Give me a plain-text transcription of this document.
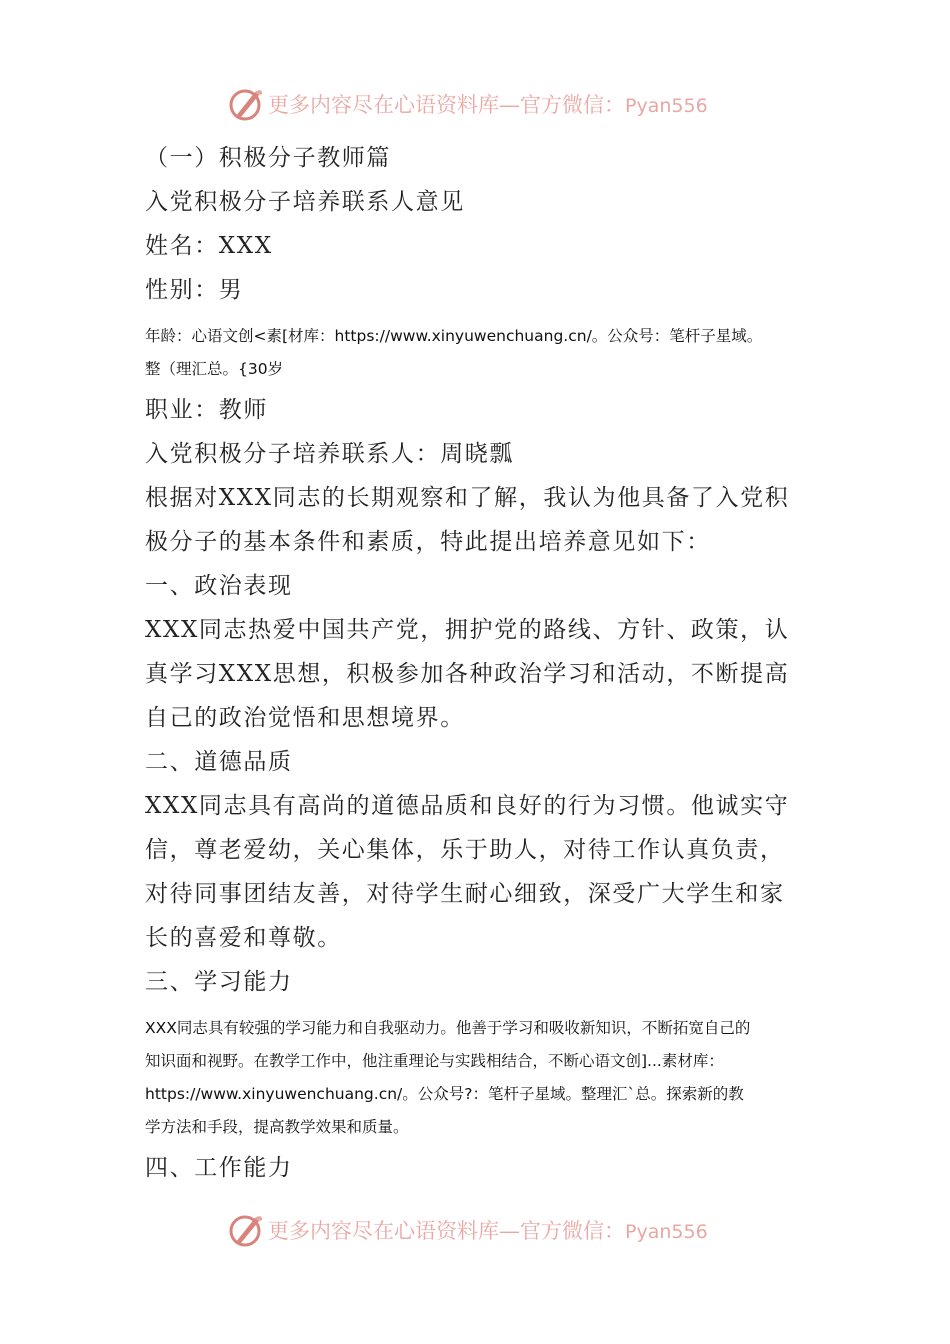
更多内容尽在心语资料库—官方微信：Pyan556
（一）积极分子教师篇
入党积极分子培养联系人意见
姓名：XXX
性别：男
年龄：心语文创<素[材库：https://www.xinyuwenchuang.cn/。公众号：笔杆子星域。
整（理汇总。{30岁
职业：教师
入党积极分子培养联系人：周晓瓢
根据对XXX同志的长期观察和了解，我认为他具备了入党积
极分子的基本条件和素质，特此提出培养意见如下：
一、政治表现
XXX同志热爱中国共产党，拥护党的路线、方针、政策，认
真学习XXX思想，积极参加各种政治学习和活动，不断提高
自己的政治觉悟和思想境界。
二、道德品质
XXX同志具有高尚的道德品质和良好的行为习惯。他诚实守
信，尊老爱幼，关心集体，乐于助人，对待工作认真负责，
对待同事团结友善，对待学生耐心细致，深受广大学生和家
长的喜爱和尊敬。
三、学习能力
XXX同志具有较强的学习能力和自我驱动力。他善于学习和吸收新知识，不断拓宽自己的
知识面和视野。在教学工作中，他注重理论与实践相结合，不断心语文创]...素材库：
https://www.xinyuwenchuang.cn/。公众号?：笔杆子星域。整理汇`总。探索新的教
学方法和手段，提高教学效果和质量。
四、工作能力
更多内容尽在心语资料库—官方微信：Pyan556
